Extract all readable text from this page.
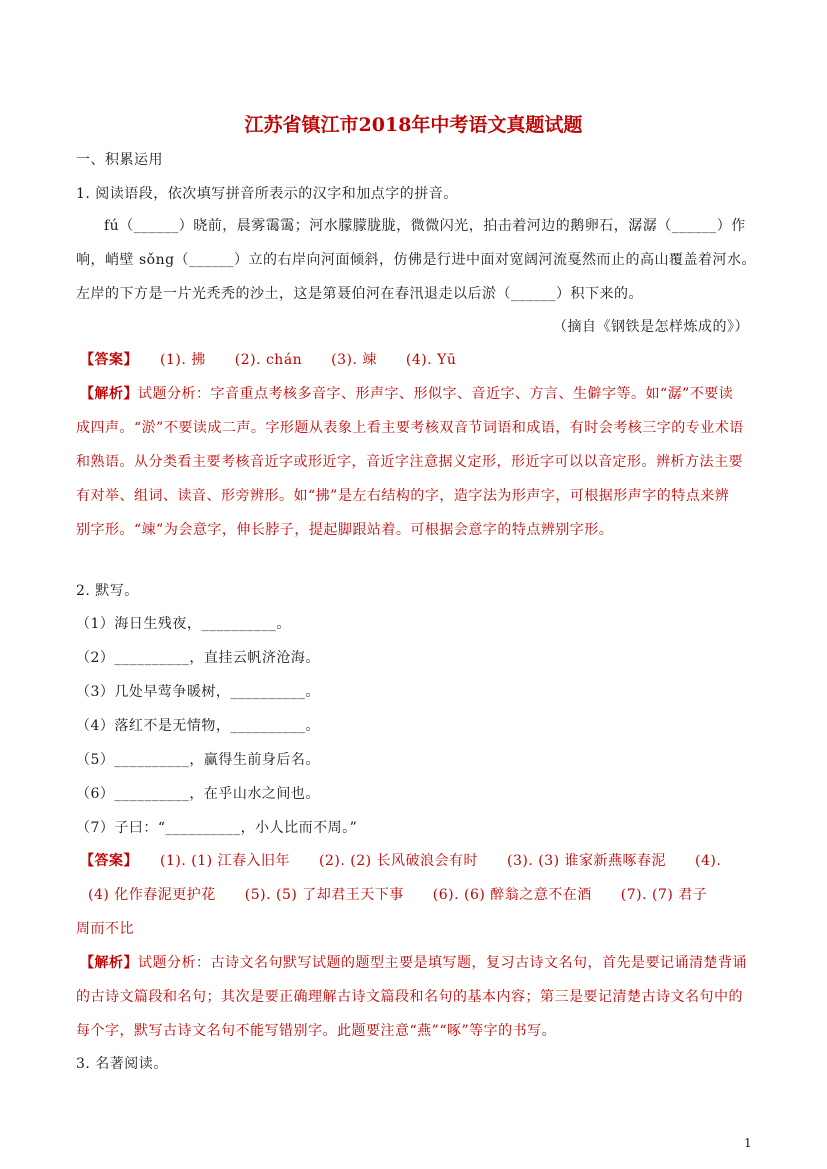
江苏省镇江市2018年中考语文真题试题
一、积累运用
1. 阅读语段，依次填写拼音所表示的汉字和加点字的拼音。
fú（______）晓前，晨雾霭霭；河水朦朦胧胧，微微闪光，拍击着河边的鹅卵石，潺潺（______）作
响，峭壁 sǒng（______）立的右岸向河面倾斜，仿佛是行进中面对宽阔河流戛然而止的高山覆盖着河水。
左岸的下方是一片光秃秃的沙土，这是第聂伯河在春汛退走以后淤（______）积下来的。
（摘自《钢铁是怎样炼成的》）
【答案】 (1). 拂　　(2). chán　　(3). 竦　　(4). Yū
【解析】试题分析：字音重点考核多音字、形声字、形似字、音近字、方言、生僻字等。如“潺”不要读
成四声。“淤”不要读成二声。字形题从表象上看主要考核双音节词语和成语，有时会考核三字的专业术语
和熟语。从分类看主要考核音近字或形近字，音近字注意据义定形，形近字可以以音定形。辨析方法主要
有对举、组词、读音、形旁辨形。如“拂”是左右结构的字，造字法为形声字，可根据形声字的特点来辨
别字形。“竦”为会意字，伸长脖子，提起脚跟站着。可根据会意字的特点辨别字形。
2. 默写。
（1）海日生残夜，__________。
（2）__________，直挂云帆济沧海。
（3）几处早莺争暖树，__________。
（4）落红不是无情物，__________。
（5）__________，赢得生前身后名。
（6）__________，在乎山水之间也。
（7）子曰：“__________，小人比而不周。”
【答案】 (1). (1) 江春入旧年　　(2). (2) 长风破浪会有时　　(3). (3) 谁家新燕啄春泥　　(4).
(4) 化作春泥更护花　　(5). (5) 了却君王天下事　　(6). (6) 醉翁之意不在酒　　(7). (7) 君子
周而不比
【解析】试题分析：古诗文名句默写试题的题型主要是填写题，复习古诗文名句，首先是要记诵清楚背诵
的古诗文篇段和名句；其次是要正确理解古诗文篇段和名句的基本内容；第三是要记清楚古诗文名句中的
每个字，默写古诗文名句不能写错别字。此题要注意“燕”“啄”等字的书写。
3. 名著阅读。
1
